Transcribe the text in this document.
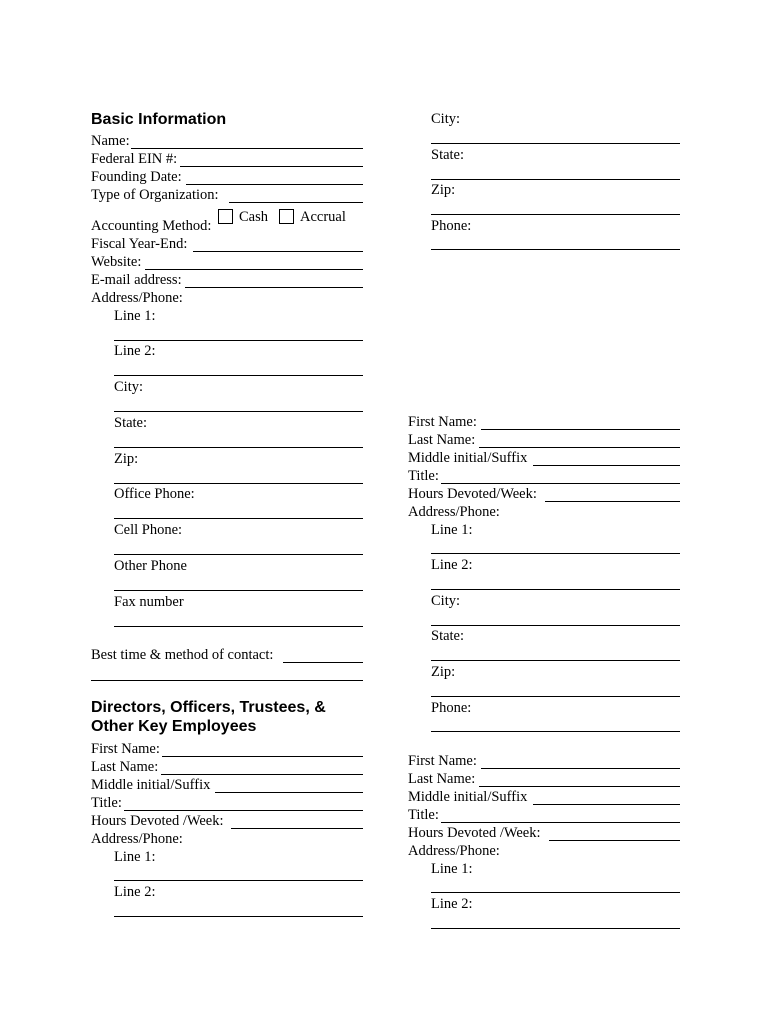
Basic Information
Name:
Federal EIN #:
Founding Date:
Type of Organization:
Accounting Method:
Cash Accrual
Fiscal Year-End:
Website:
E-mail address:
Address/Phone:
Line 1:
Line 2:
City:
State:
Zip:
Office Phone:
Cell Phone:
Other Phone
Fax number
Best time & method of contact:
Directors, Officers, Trustees, &
Other Key Employees
First Name:
Last Name:
Middle initial/Suffix
Title:
Hours Devoted /Week:
Address/Phone:
Line 1:
Line 2:
City:
State:
Zip:
Phone:
First Name:
Last Name:
Middle initial/Suffix
Title:
Hours Devoted/Week:
Address/Phone:
Line 1:
Line 2:
City:
State:
Zip:
Phone:
First Name:
Last Name:
Middle initial/Suffix
Title:
Hours Devoted /Week:
Address/Phone:
Line 1:
Line 2:
